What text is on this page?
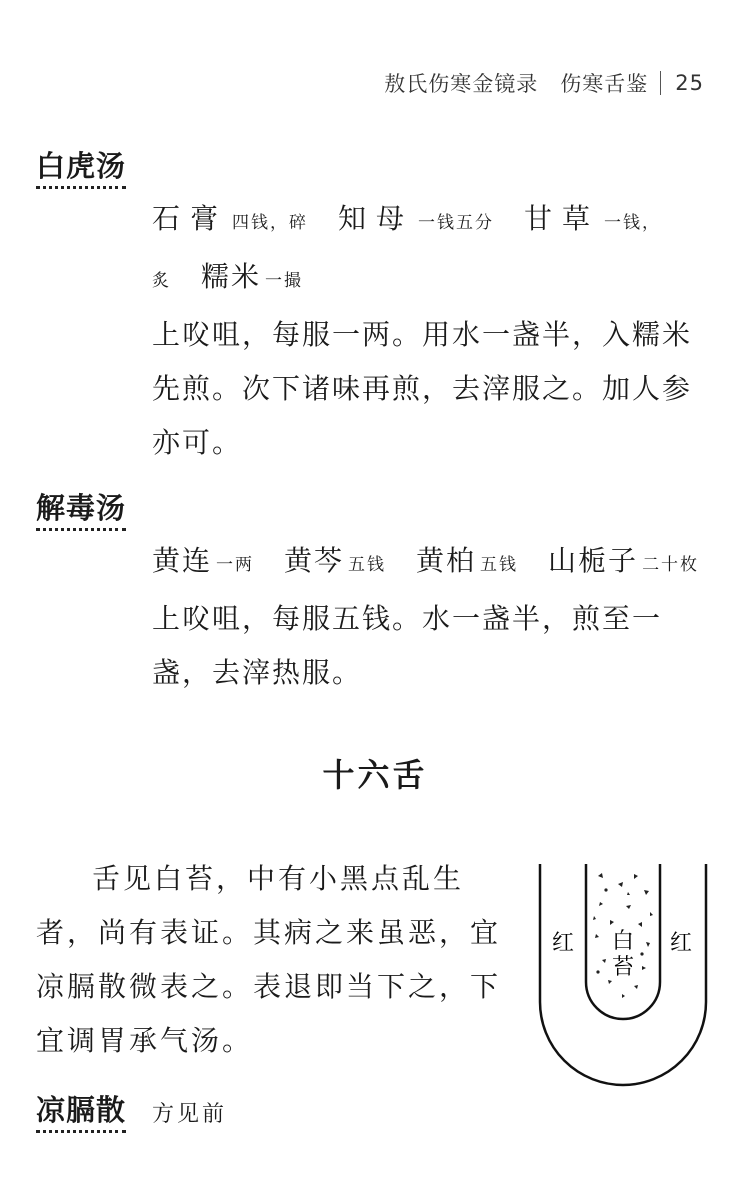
敖氏伤寒金镜录　伤寒舌鉴 25
白虎汤
石膏 四钱，碎 知母 一钱五分 甘草 一钱，
炙 糯米 一撮
上㕮咀，每服一两。用水一盏半，入糯米先煎。次下诸味再煎，去滓服之。加人参亦可。
解毒汤
黄连 一两 黄芩 五钱 黄柏 五钱 山栀子 二十枚
上㕮咀，每服五钱。水一盏半，煎至一盏，去滓热服。
十六舌
舌见白苔，中有小黑点乱生者，尚有表证。其病之来虽恶，宜凉膈散微表之。表退即当下之，下宜调胃承气汤。
红	红
白
苔
凉膈散 方见前
